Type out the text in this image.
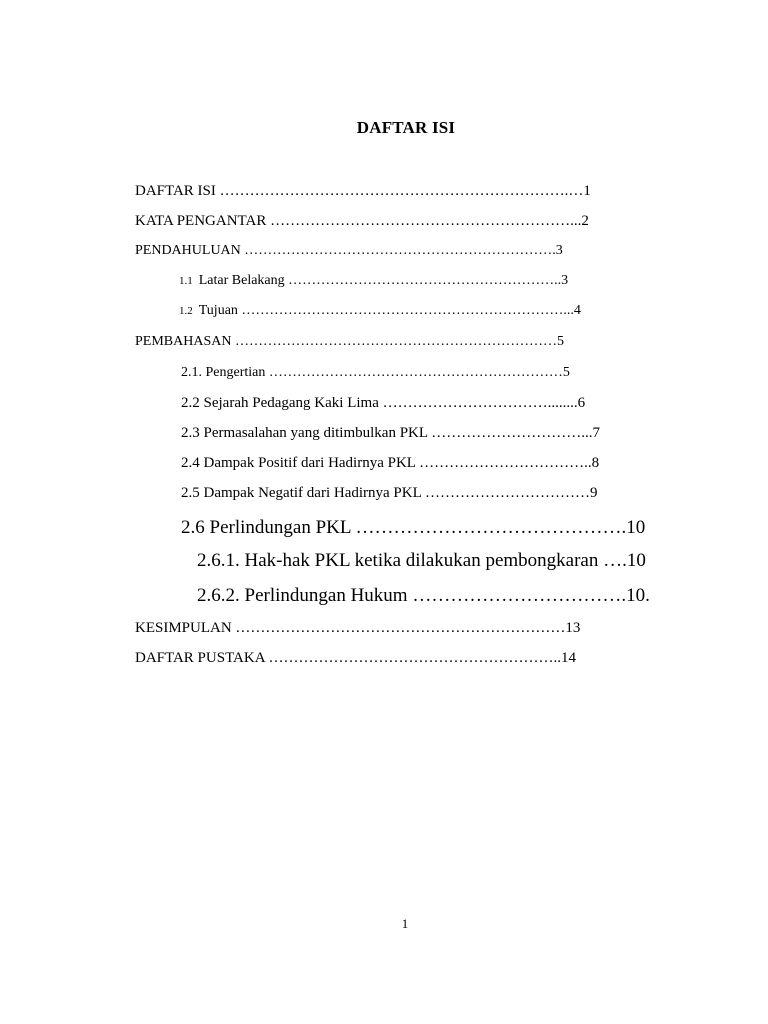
DAFTAR ISI
DAFTAR ISI …………………………………………………………….…1
KATA PENGANTAR ……………………………………………………...2
PENDAHULUAN ………………………………………………………….3
1.1 Latar Belakang …………………………………………………..3
1.2 Tujuan ……………………………………………………………...4
PEMBAHASAN ……………………………………………………………5
2.1. Pengertian ………………………………………………………5
2.2 Sejarah Pedagang Kaki Lima ……………………………........6
2.3 Permasalahan yang ditimbulkan PKL …………………………...7
2.4 Dampak Positif dari Hadirnya PKL ……………………………..8
2.5 Dampak Negatif dari Hadirnya PKL ……………………………9
2.6 Perlindungan PKL …………………………………….10
2.6.1. Hak-hak PKL ketika dilakukan pembongkaran ….10
2.6.2. Perlindungan Hukum …………………………….10.
KESIMPULAN …………………………………………………………13
DAFTAR PUSTAKA …………………………………………………..14
1
